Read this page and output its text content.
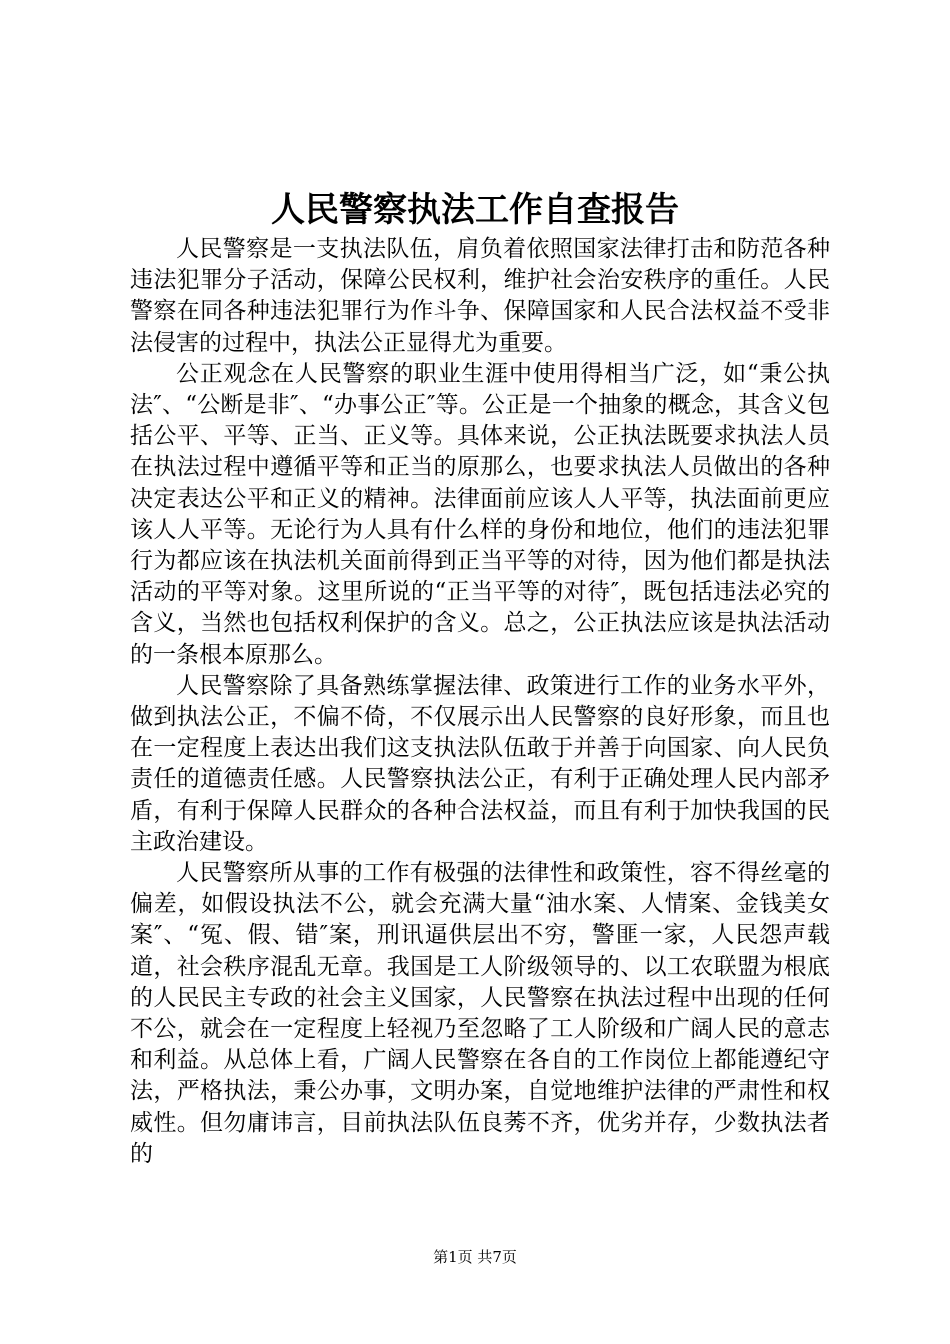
人民警察执法工作自查报告

人民警察是一支执法队伍，肩负着依照国家法律打击和防范各种违法犯罪分子活动，保障公民权利，维护社会治安秩序的重任。人民警察在同各种违法犯罪行为作斗争、保障国家和人民合法权益不受非法侵害的过程中，执法公正显得尤为重要。

公正观念在人民警察的职业生涯中使用得相当广泛，如“秉公执法″、“公断是非″、“办事公正″等。公正是一个抽象的概念，其含义包括公平、平等、正当、正义等。具体来说，公正执法既要求执法人员在执法过程中遵循平等和正当的原那么，也要求执法人员做出的各种决定表达公平和正义的精神。法律面前应该人人平等，执法面前更应该人人平等。无论行为人具有什么样的身份和地位，他们的违法犯罪行为都应该在执法机关面前得到正当平等的对待，因为他们都是执法活动的平等对象。这里所说的“正当平等的对待″，既包括违法必究的含义，当然也包括权利保护的含义。总之，公正执法应该是执法活动的一条根本原那么。

人民警察除了具备熟练掌握法律、政策进行工作的业务水平外，做到执法公正，不偏不倚，不仅展示出人民警察的良好形象，而且也在一定程度上表达出我们这支执法队伍敢于并善于向国家、向人民负责任的道德责任感。人民警察执法公正，有利于正确处理人民内部矛盾，有利于保障人民群众的各种合法权益，而且有利于加快我国的民主政治建设。

人民警察所从事的工作有极强的法律性和政策性，容不得丝毫的偏差，如假设执法不公，就会充满大量“油水案、人情案、金钱美女案″、“冤、假、错″案，刑讯逼供层出不穷，警匪一家，人民怨声载道，社会秩序混乱无章。我国是工人阶级领导的、以工农联盟为根底的人民民主专政的社会主义国家，人民警察在执法过程中出现的任何不公，就会在一定程度上轻视乃至忽略了工人阶级和广阔人民的意志和利益。从总体上看，广阔人民警察在各自的工作岗位上都能遵纪守法，严格执法，秉公办事，文明办案，自觉地维护法律的严肃性和权威性。但勿庸讳言，目前执法队伍良莠不齐，优劣并存，少数执法者的

第1页 共7页
